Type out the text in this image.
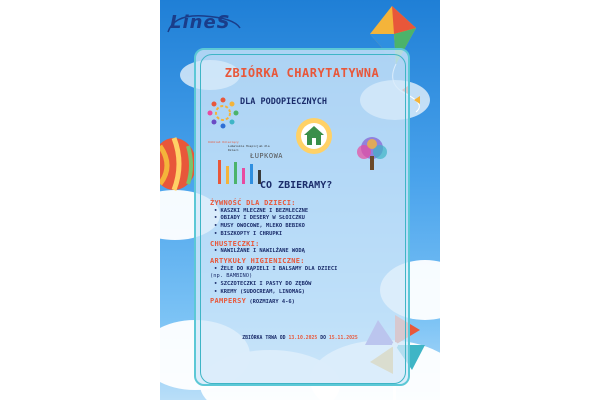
LineS
ZBIÓRKA CHARYTATYWNA
DLA PODOPIECZNYCH
Oddział Dziecięcy
Lubelskie Hospicjum dla Dzieci
ŁUPKOWA
CO ZBIERAMY?
ŻYWNOŚĆ DLA DZIECI:
• KASZKI MLECZNE I BEZMLECZNE
• OBIADY I DESERY W SŁOICZKU
• MUSY OWOCOWE, MLEKO BEBIKO
• BISZKOPTY I CHRUPKI
CHUSTECZKI:
• NAWILŻANE I NAWILŻANE WODĄ
ARTYKUŁY HIGIENICZNE:
• ŻELE DO KĄPIELI I BALSAMY DLA DZIECI
(np. BAMBINO)
• SZCZOTECZKI I PASTY DO ZĘBÓW
• KREMY (SUDOCREAM, LINOMAG)
PAMPERSY (ROZMIARY 4-6)
ZBIÓRKA TRWA OD 13.10.2025 DO 15.11.2025
